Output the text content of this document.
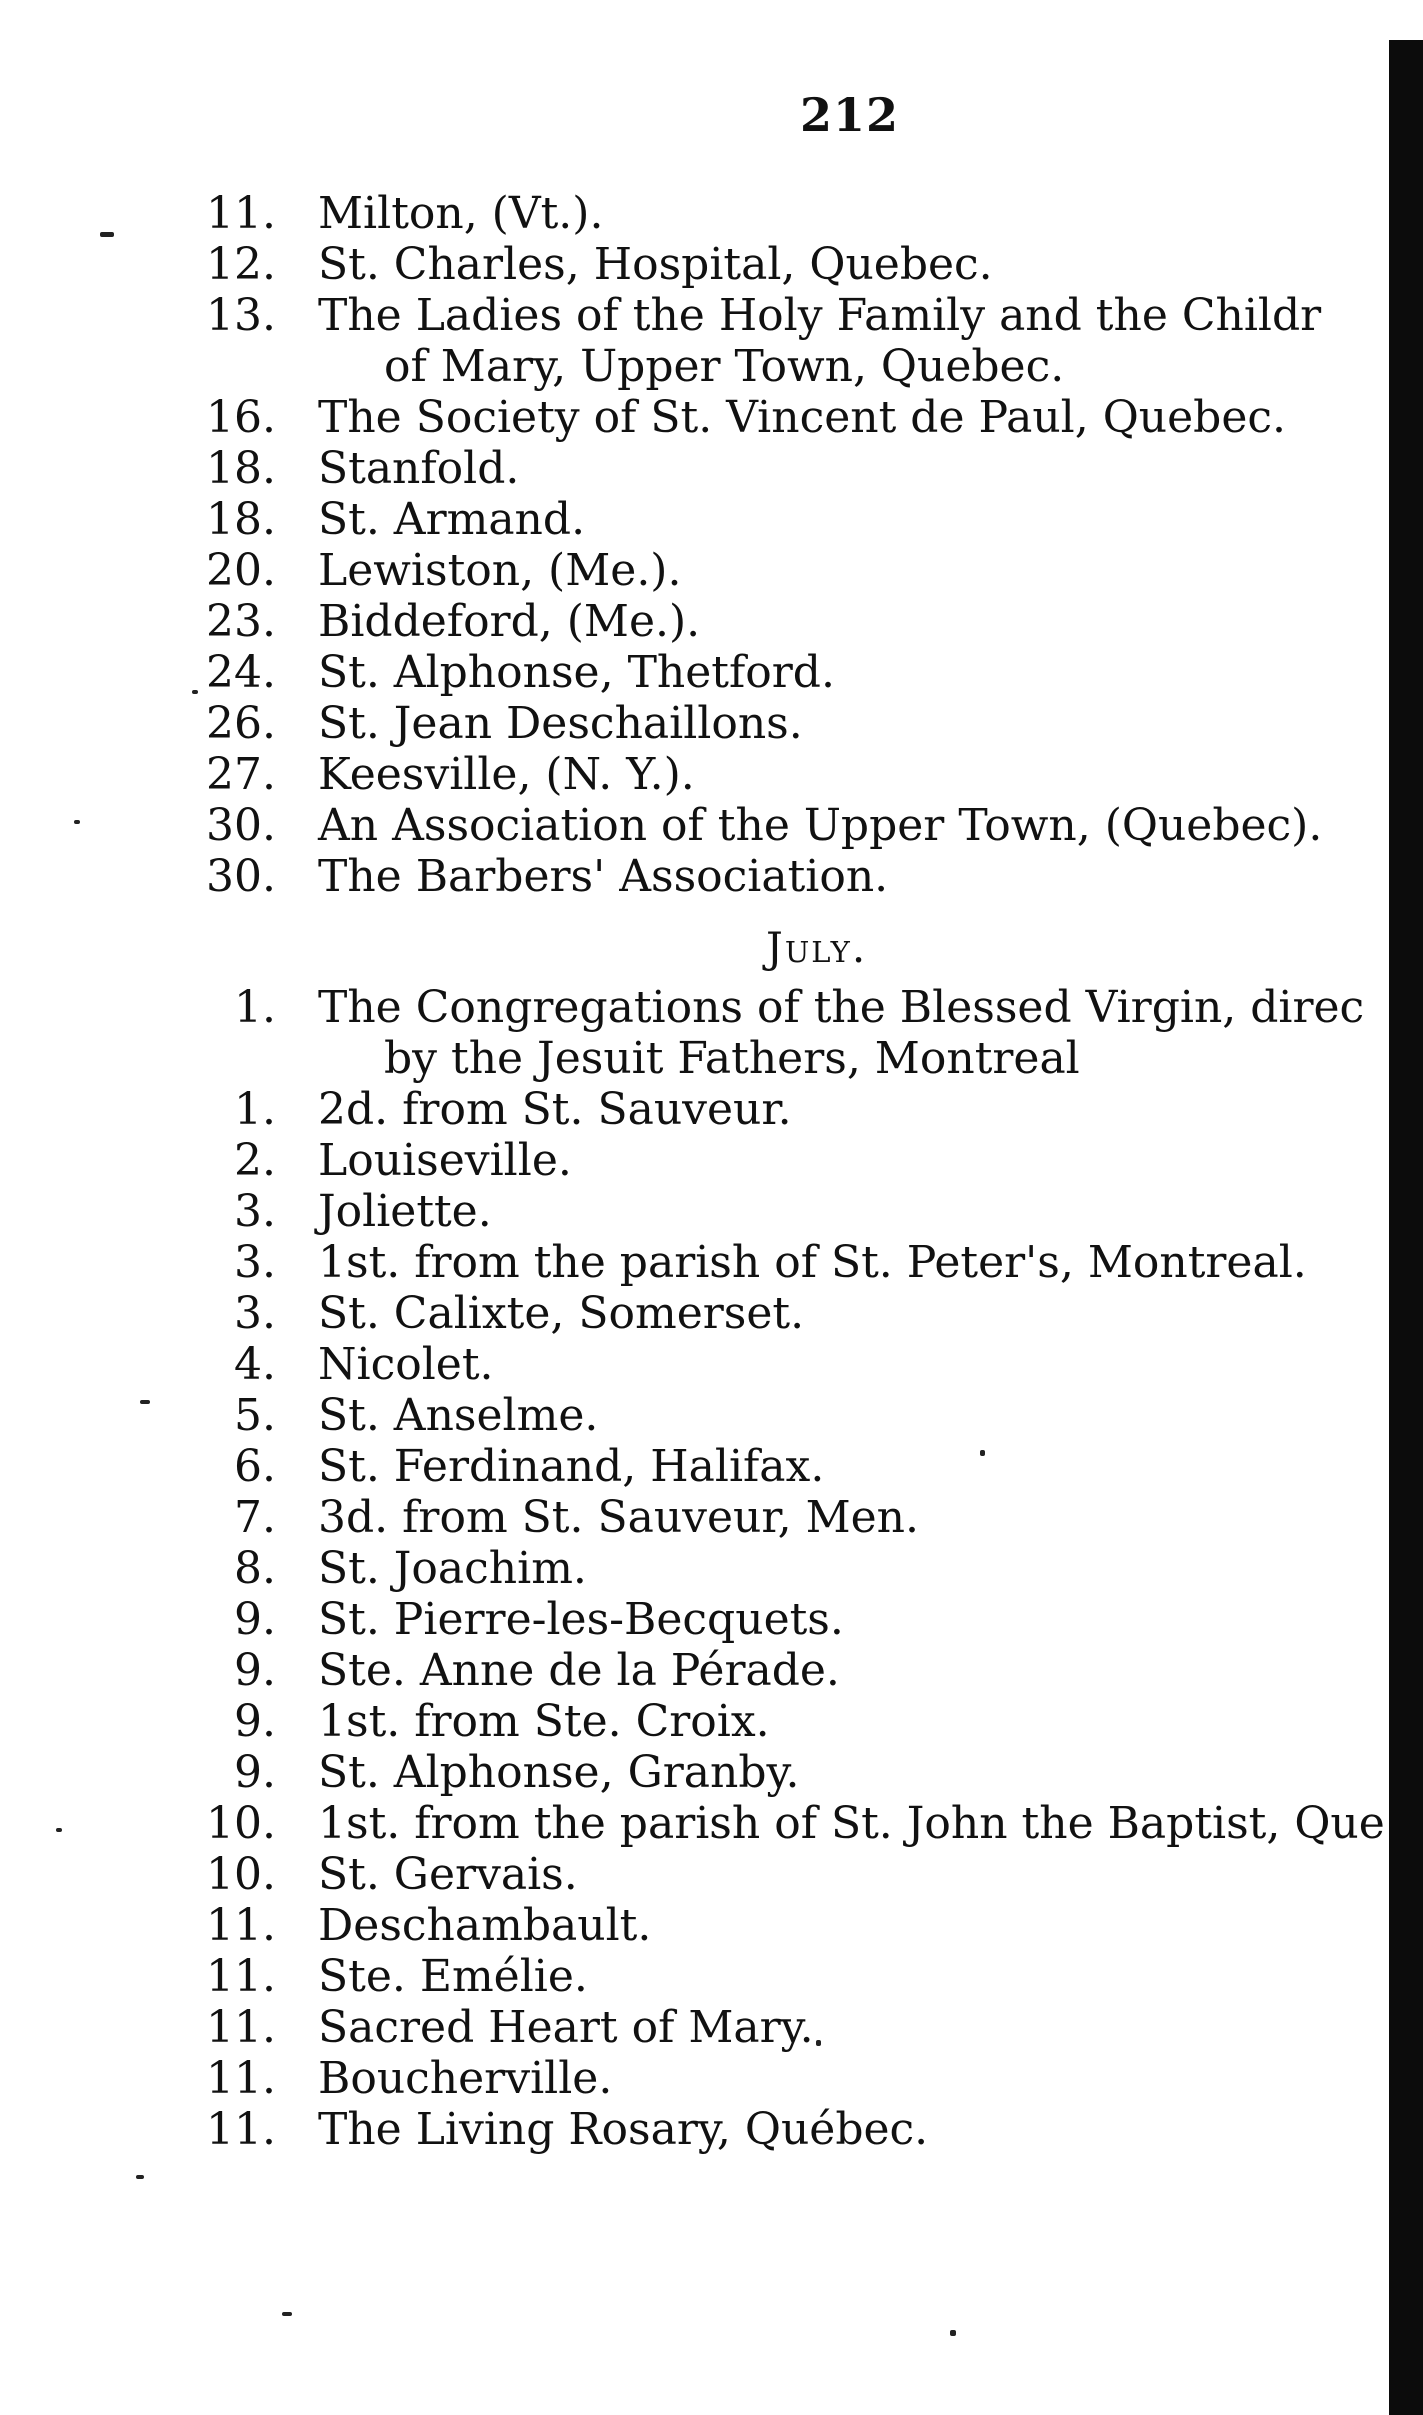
212
11. Milton, (Vt.).
12. St. Charles, Hospital, Quebec.
13. The Ladies of the Holy Family and the Childr
of Mary, Upper Town, Quebec.
16. The Society of St. Vincent de Paul, Quebec.
18. Stanfold.
18. St. Armand.
20. Lewiston, (Me.).
23. Biddeford, (Me.).
24. St. Alphonse, Thetford.
26. St. Jean Deschaillons.
27. Keesville, (N. Y.).
30. An Association of the Upper Town, (Quebec).
30. The Barbers' Association.
July.
1. The Congregations of the Blessed Virgin, direc
by the Jesuit Fathers, Montreal
1. 2d. from St. Sauveur.
2. Louiseville.
3. Joliette.
3. 1st. from the parish of St. Peter's, Montreal.
3. St. Calixte, Somerset.
4. Nicolet.
5. St. Anselme.
6. St. Ferdinand, Halifax.
7. 3d. from St. Sauveur, Men.
8. St. Joachim.
9. St. Pierre-les-Becquets.
9. Ste. Anne de la Pérade.
9. 1st. from Ste. Croix.
9. St. Alphonse, Granby.
10. 1st. from the parish of St. John the Baptist, Que
10. St. Gervais.
11. Deschambault.
11. Ste. Emélie.
11. Sacred Heart of Mary.
11. Boucherville.
11. The Living Rosary, Québec.
